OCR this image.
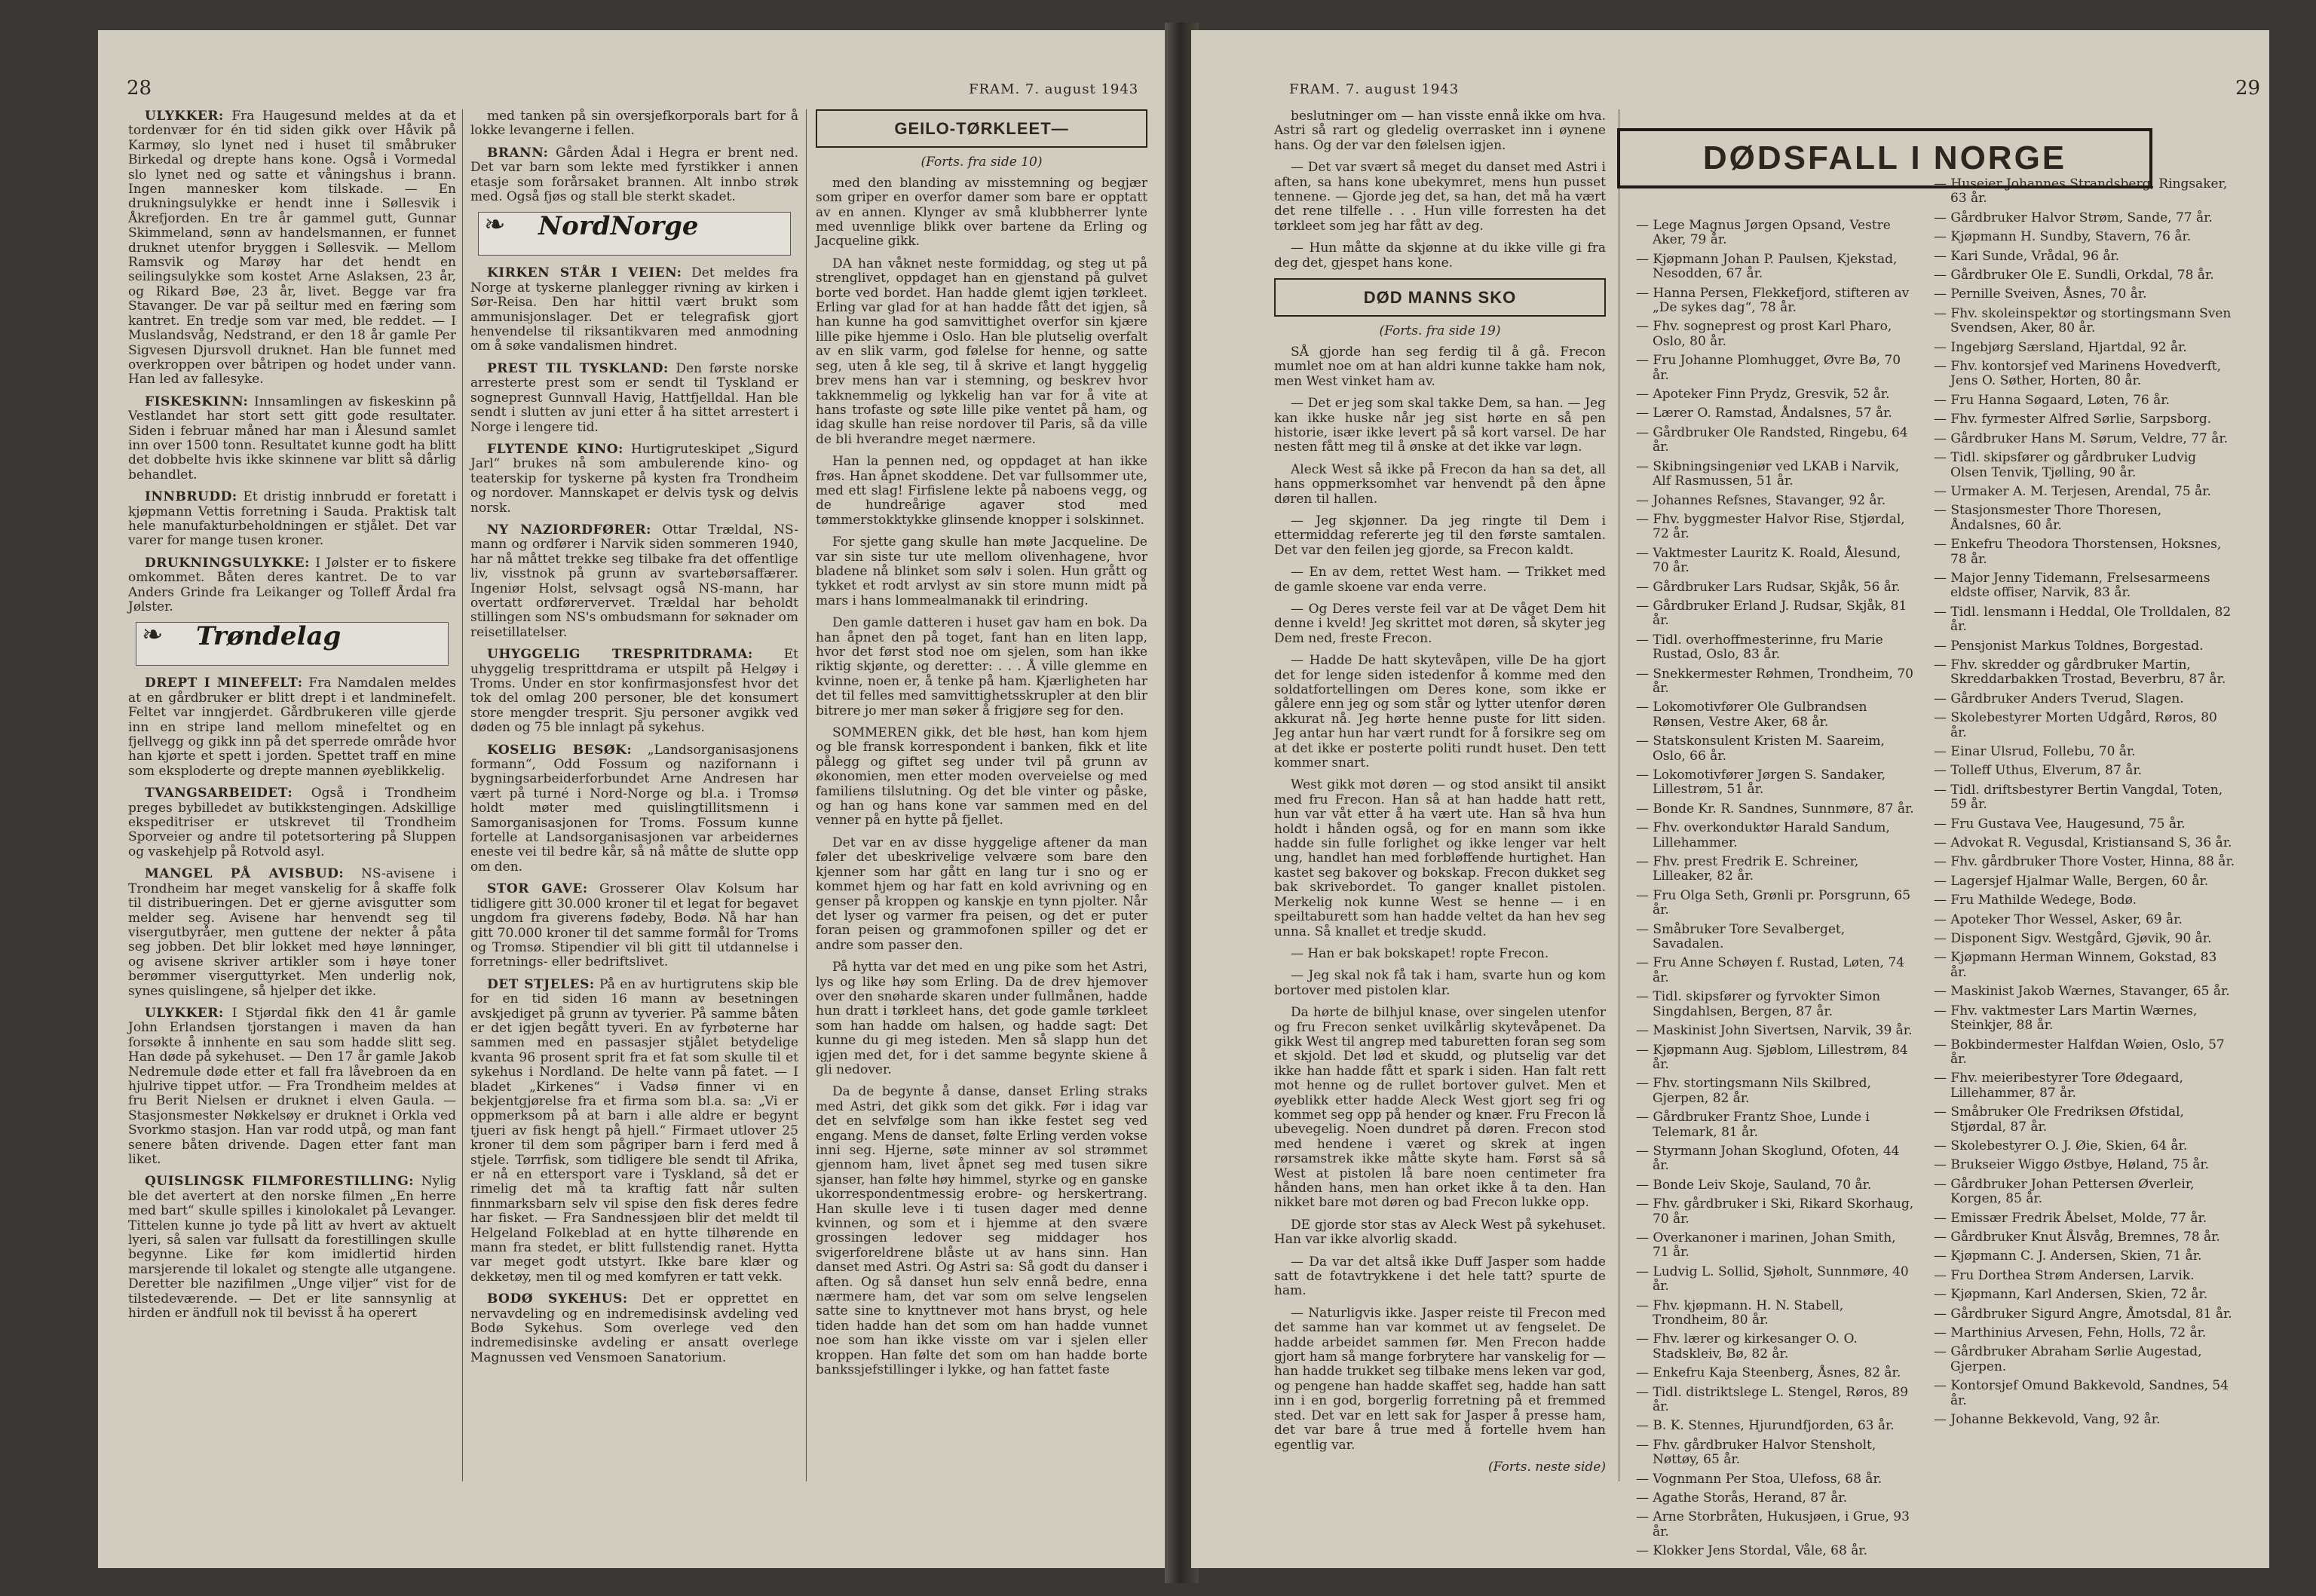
28	FRAM. 7. august 1943

ULYKKER: Fra Haugesund meldes at da et tordenvær for én tid siden gikk over Håvik på Karmøy, slo lynet ned i huset til småbruker Birkedal og drepte hans kone. Også i Vormedal slo lynet ned og satte et våningshus i brann. Ingen mannesker kom tilskade. — En drukningsulykke er hendt inne i Søllesvik i Åkrefjorden. En tre år gammel gutt, Gunnar Skimmeland, sønn av handelsmannen, er funnet druknet utenfor bryggen i Søllesvik. — Mellom Ramsvik og Marøy har det hendt en seilingsulykke som kostet Arne Aslaksen, 23 år, og Rikard Bøe, 23 år, livet. Begge var fra Stavanger. De var på seiltur med en færing som kantret. En tredje som var med, ble reddet. — I Muslandsvåg, Nedstrand, er den 18 år gamle Per Sigvesen Djursvoll druknet. Han ble funnet med overkroppen over båtripen og hodet under vann. Han led av fallesyke.

FISKESKINN: Innsamlingen av fiskeskinn på Vestlandet har stort sett gitt gode resultater. Siden i februar måned har man i Ålesund samlet inn over 1500 tonn. Resultatet kunne godt ha blitt det dobbelte hvis ikke skinnene var blitt så dårlig behandlet.

INNBRUDD: Et dristig innbrudd er foretatt i kjøpmann Vettis forretning i Sauda. Praktisk talt hele manufakturbeholdningen er stjålet. Det var varer for mange tusen kroner.

DRUKNINGSULYKKE: I Jølster er to fiskere omkommet. Båten deres kantret. De to var Anders Grinde fra Leikanger og Tolleff Årdal fra Jølster.

❧ Trøndelag

DREPT I MINEFELT: Fra Namdalen meldes at en gårdbruker er blitt drept i et landminefelt. Feltet var inngjerdet. Gårdbrukeren ville gjerde inn en stripe land mellom minefeltet og en fjellvegg og gikk inn på det sperrede område hvor han kjørte et spett i jorden. Spettet traff en mine som eksploderte og drepte mannen øyeblikkelig.

TVANGSARBEIDET: Også i Trondheim preges bybilledet av butikkstengingen. Adskillige ekspeditriser er utskrevet til Trondheim Sporveier og andre til potetsortering på Sluppen og vaskehjelp på Rotvold asyl.

MANGEL PÅ AVISBUD: NS-avisene i Trondheim har meget vanskelig for å skaffe folk til distribueringen. Det er gjerne avisgutter som melder seg. Avisene har henvendt seg til visergutbyråer, men guttene der nekter å påta seg jobben. Det blir lokket med høye lønninger, og avisene skriver artikler som i høye toner berømmer viserguttyrket. Men underlig nok, synes quislingene, så hjelper det ikke.

ULYKKER: I Stjørdal fikk den 41 år gamle John Erlandsen tjorstangen i maven da han forsøkte å innhente en sau som hadde slitt seg. Han døde på sykehuset. — Den 17 år gamle Jakob Nedremule døde etter et fall fra låvebroen da en hjulrive tippet utfor. — Fra Trondheim meldes at fru Berit Nielsen er druknet i elven Gaula. — Stasjonsmester Nøkkelsøy er druknet i Orkla ved Svorkmo stasjon. Han var rodd utpå, og man fant senere båten drivende. Dagen etter fant man liket.

QUISLINGSK FILMFORESTILLING: Nylig ble det avertert at den norske filmen „En herre med bart“ skulle spilles i kinolokalet på Levanger. Tittelen kunne jo tyde på litt av hvert av aktuelt lyeri, så salen var fullsatt da forestillingen skulle begynne. Like før kom imidlertid hirden marsjerende til lokalet og stengte alle utgangene. Deretter ble nazifilmen „Unge viljer“ vist for de tilstedeværende. — Det er lite sannsynlig at hirden er ändfull nok til bevisst å ha operert

med tanken på sin oversjefkorporals bart for å lokke levangerne i fellen.

BRANN: Gården Ådal i Hegra er brent ned. Det var barn som lekte med fyrstikker i annen etasje som forårsaket brannen. Alt innbo strøk med. Også fjøs og stall ble sterkt skadet.

❧ NordNorge

KIRKEN STÅR I VEIEN: Det meldes fra Norge at tyskerne planlegger rivning av kirken i Sør-Reisa. Den har hittil vært brukt som ammunisjonslager. Det er telegrafisk gjort henvendelse til riksantikvaren med anmodning om å søke vandalismen hindret.

PREST TIL TYSKLAND: Den første norske arresterte prest som er sendt til Tyskland er sogneprest Gunnvall Havig, Hattfjelldal. Han ble sendt i slutten av juni etter å ha sittet arrestert i Norge i lengere tid.

FLYTENDE KINO: Hurtigruteskipet „Sigurd Jarl“ brukes nå som ambulerende kino- og teaterskip for tyskerne på kysten fra Trondheim og nordover. Mannskapet er delvis tysk og delvis norsk.

NY NAZIORDFØRER: Ottar Trældal, NS-mann og ordfører i Narvik siden sommeren 1940, har nå måttet trekke seg tilbake fra det offentlige liv, visstnok på grunn av svartebørsaffærer. Ingeniør Holst, selvsagt også NS-mann, har overtatt ordførervervet. Trældal har beholdt stillingen som NS's ombudsmann for søknader om reisetillatelser.

UHYGGELIG TRESPRITDRAMA: Et uhyggelig tresprittdrama er utspilt på Helgøy i Troms. Under en stor konfirmasjonsfest hvor det tok del omlag 200 personer, ble det konsumert store mengder tresprit. Sju personer avgikk ved døden og 75 ble innlagt på sykehus.

KOSELIG BESØK: „Landsorganisasjonens formann“, Odd Fossum og nazifornann i bygningsarbeiderforbundet Arne Andresen har vært på turné i Nord-Norge og bl.a. i Tromsø holdt møter med quislingtillitsmenn i Samorganisasjonen for Troms. Fossum kunne fortelle at Landsorganisasjonen var arbeidernes eneste vei til bedre kår, så nå måtte de slutte opp om den.

STOR GAVE: Grosserer Olav Kolsum har tidligere gitt 30.000 kroner til et legat for begavet ungdom fra giverens fødeby, Bodø. Nå har han gitt 70.000 kroner til det samme formål for Troms og Tromsø. Stipendier vil bli gitt til utdannelse i forretnings- eller bedriftslivet.

DET STJELES: På en av hurtigrutens skip ble for en tid siden 16 mann av besetningen avskjediget på grunn av tyverier. På samme båten er det igjen begått tyveri. En av fyrbøterne har sammen med en passasjer stjålet betydelige kvanta 96 prosent sprit fra et fat som skulle til et sykehus i Nordland. De helte vann på fatet. — I bladet „Kirkenes“ i Vadsø finner vi en bekjentgjørelse fra et firma som bl.a. sa: „Vi er oppmerksom på at barn i alle aldre er begynt tjueri av fisk hengt på hjell.“ Firmaet utlover 25 kroner til dem som pågriper barn i ferd med å stjele. Tørrfisk, som tidligere ble sendt til Afrika, er nå en ettersport vare i Tyskland, så det er rimelig det må ta kraftig fatt når sulten finnmarksbarn selv vil spise den fisk deres fedre har fisket. — Fra Sandnessjøen blir det meldt til Helgeland Folkeblad at en hytte tilhørende en mann fra stedet, er blitt fullstendig ranet. Hytta var meget godt utstyrt. Ikke bare klær og dekketøy, men til og med komfyren er tatt vekk.

BODØ SYKEHUS: Det er opprettet en nervavdeling og en indremedisinsk avdeling ved Bodø Sykehus. Som overlege ved den indremedisinske avdeling er ansatt overlege Magnussen ved Vensmoen Sanatorium.

GEILO-TØRKLEET—
(Forts. fra side 10)

med den blanding av misstemning og begjær som griper en overfor damer som bare er opptatt av en annen. Klynger av små klubbherrer lynte med uvennlige blikk over bartene da Erling og Jacqueline gikk.

DA han våknet neste formiddag, og steg ut på strenglivet, oppdaget han en gjenstand på gulvet borte ved bordet. Han hadde glemt igjen tørkleet. Erling var glad for at han hadde fått det igjen, så han kunne ha god samvittighet overfor sin kjære lille pike hjemme i Oslo. Han ble plutselig overfalt av en slik varm, god følelse for henne, og satte seg, uten å kle seg, til å skrive et langt hyggelig brev mens han var i stemning, og beskrev hvor takknemmelig og lykkelig han var for å vite at hans trofaste og søte lille pike ventet på ham, og idag skulle han reise nordover til Paris, så da ville de bli hverandre meget nærmere.

Han la pennen ned, og oppdaget at han ikke frøs. Han åpnet skoddene. Det var fullsommer ute, med ett slag! Firfislene lekte på naboens vegg, og de hundreårige agaver stod med tømmerstokktykke glinsende knopper i solskinnet.

For sjette gang skulle han møte Jacqueline. De var sin siste tur ute mellom olivenhagene, hvor bladene nå blinket som sølv i solen. Hun grått og tykket et rodt arvlyst av sin store munn midt på mars i hans lommealmanakk til erindring.

Den gamle datteren i huset gav ham en bok. Da han åpnet den på toget, fant han en liten lapp, hvor det først stod noe om sjelen, som han ikke riktig skjønte, og deretter: . . . Å ville glemme en kvinne, noen er, å tenke på ham. Kjærligheten har det til felles med samvittighetsskrupler at den blir bitrere jo mer man søker å frigjøre seg for den.

SOMMEREN gikk, det ble høst, han kom hjem og ble fransk korrespondent i banken, fikk et lite pålegg og giftet seg under tvil på grunn av økonomien, men etter moden overveielse og med familiens tilslutning. Og det ble vinter og påske, og han og hans kone var sammen med en del venner på en hytte på fjellet.

Det var en av disse hyggelige aftener da man føler det ubeskrivelige velvære som bare den kjenner som har gått en lang tur i sno og er kommet hjem og har fatt en kold avrivning og en genser på kroppen og kanskje en tynn pjolter. Når det lyser og varmer fra peisen, og det er puter foran peisen og grammofonen spiller og det er andre som passer den.

På hytta var det med en ung pike som het Astri, lys og like høy som Erling. Da de drev hjemover over den snøharde skaren under fullmånen, hadde hun dratt i tørkleet hans, det gode gamle tørkleet som han hadde om halsen, og hadde sagt: Det kunne du gi meg isteden. Men så slapp hun det igjen med det, for i det samme begynte skiene å gli nedover.

Da de begynte å danse, danset Erling straks med Astri, det gikk som det gikk. Før i idag var det en selvfølge som han ikke festet seg ved engang. Mens de danset, følte Erling verden vokse inni seg. Hjerne, søte minner av sol strømmet gjennom ham, livet åpnet seg med tusen sikre sjanser, han følte høy himmel, styrke og en ganske ukorrespondentmessig erobre- og herskertrang. Han skulle leve i ti tusen dager med denne kvinnen, og som et i hjemme at den svære grossingen ledover seg middager hos svigerforeldrene blåste ut av hans sinn. Han danset med Astri. Og Astri sa: Så godt du danser i aften. Og så danset hun selv ennå bedre, enna nærmere ham, det var som om selve lengselen satte sine to knyttnever mot hans bryst, og hele tiden hadde han det som om han hadde vunnet noe som han ikke visste om var i sjelen eller kroppen. Han følte det som om han hadde borte bankssjefstillinger i lykke, og han fattet faste

FRAM. 7. august 1943	29

beslutninger om — han visste ennå ikke om hva. Astri så rart og gledelig overrasket inn i øynene hans. Og der var den følelsen igjen.

— Det var svært så meget du danset med Astri i aften, sa hans kone ubekymret, mens hun pusset tennene. — Gjorde jeg det, sa han, det må ha vært det rene tilfelle . . . Hun ville forresten ha det tørkleet som jeg har fått av deg.

— Hun måtte da skjønne at du ikke ville gi fra deg det, gjespet hans kone.

DØD MANNS SKO
(Forts. fra side 19)

SÅ gjorde han seg ferdig til å gå. Frecon mumlet noe om at han aldri kunne takke ham nok, men West vinket ham av.

— Det er jeg som skal takke Dem, sa han. — Jeg kan ikke huske når jeg sist hørte en så pen historie, især ikke levert på så kort varsel. De har nesten fått meg til å ønske at det ikke var løgn.

Aleck West så ikke på Frecon da han sa det, all hans oppmerksomhet var henvendt på den åpne døren til hallen.

— Jeg skjønner. Da jeg ringte til Dem i ettermiddag refererte jeg til den første samtalen. Det var den feilen jeg gjorde, sa Frecon kaldt.

— En av dem, rettet West ham. — Trikket med de gamle skoene var enda verre.

— Og Deres verste feil var at De våget Dem hit denne i kveld! Jeg skrittet mot døren, så skyter jeg Dem ned, freste Frecon.

— Hadde De hatt skytevåpen, ville De ha gjort det for lenge siden istedenfor å komme med den soldatfortellingen om Deres kone, som ikke er gålere enn jeg og som står og lytter utenfor døren akkurat nå. Jeg hørte henne puste for litt siden. Jeg antar hun har vært rundt for å forsikre seg om at det ikke er posterte politi rundt huset. Den tett kommer snart.

West gikk mot døren — og stod ansikt til ansikt med fru Frecon. Han så at han hadde hatt rett, hun var våt etter å ha vært ute. Han så hva hun holdt i hånden også, og for en mann som ikke hadde sin fulle forlighet og ikke lenger var helt ung, handlet han med forbløffende hurtighet. Han kastet seg bakover og bokskap. Frecon dukket seg bak skrivebordet. To ganger knallet pistolen. Merkelig nok kunne West se henne — i en speiltaburett som han hadde veltet da han hev seg unna. Så knallet et tredje skudd.

— Han er bak bokskapet! ropte Frecon.

— Jeg skal nok få tak i ham, svarte hun og kom bortover med pistolen klar.

Da hørte de bilhjul knase, over singelen utenfor og fru Frecon senket uvilkårlig skytevåpenet. Da gikk West til angrep med taburetten foran seg som et skjold. Det lød et skudd, og plutselig var det ikke han hadde fått et spark i siden. Han falt rett mot henne og de rullet bortover gulvet. Men et øyeblikk etter hadde Aleck West gjort seg fri og kommet seg opp på hender og knær. Fru Frecon lå ubevegelig. Noen dundret på døren. Frecon stod med hendene i været og skrek at ingen rørsamstrek ikke måtte skyte ham. Først så så West at pistolen lå bare noen centimeter fra hånden hans, men han orket ikke å ta den. Han nikket bare mot døren og bad Frecon lukke opp.

DE gjorde stor stas av Aleck West på sykehuset. Han var ikke alvorlig skadd.

— Da var det altså ikke Duff Jasper som hadde satt de fotavtrykkene i det hele tatt? spurte de ham.

— Naturligvis ikke. Jasper reiste til Frecon med det samme han var kommet ut av fengselet. De hadde arbeidet sammen før. Men Frecon hadde gjort ham så mange forbrytere har vanskelig for — han hadde trukket seg tilbake mens leken var god, og pengene han hadde skaffet seg, hadde han satt inn i en god, borgerlig forretning på et fremmed sted. Det var en lett sak for Jasper å presse ham, det var bare å true med å fortelle hvem han egentlig var.

(Forts. neste side)
— Lege Magnus Jørgen Opsand, Vestre Aker, 79 år.
— Kjøpmann Johan P. Paulsen, Kjekstad, Nesodden, 67 år.
— Hanna Persen, Flekkefjord, stifteren av „De sykes dag“, 78 år.
— Fhv. sogneprest og prost Karl Pharo, Oslo, 80 år.
— Fru Johanne Plomhugget, Øvre Bø, 70 år.
— Apoteker Finn Prydz, Gresvik, 52 år.
— Lærer O. Ramstad, Åndalsnes, 57 år.
— Gårdbruker Ole Randsted, Ringebu, 64 år.
— Skibningsingeniør ved LKAB i Narvik, Alf Rasmussen, 51 år.
— Johannes Refsnes, Stavanger, 92 år.
— Fhv. byggmester Halvor Rise, Stjørdal, 72 år.
— Vaktmester Lauritz K. Roald, Ålesund, 70 år.
— Gårdbruker Lars Rudsar, Skjåk, 56 år.
— Gårdbruker Erland J. Rudsar, Skjåk, 81 år.
— Tidl. overhoffmesterinne, fru Marie Rustad, Oslo, 83 år.
— Snekkermester Røhmen, Trondheim, 70 år.
— Lokomotivfører Ole Gulbrandsen Rønsen, Vestre Aker, 68 år.
— Statskonsulent Kristen M. Saareim, Oslo, 66 år.
— Lokomotivfører Jørgen S. Sandaker, Lillestrøm, 51 år.
— Bonde Kr. R. Sandnes, Sunnmøre, 87 år.
— Fhv. overkonduktør Harald Sandum, Lillehammer.
— Fhv. prest Fredrik E. Schreiner, Lilleaker, 82 år.
— Fru Olga Seth, Grønli pr. Porsgrunn, 65 år.
— Småbruker Tore Sevalberget, Savadalen.
— Fru Anne Schøyen f. Rustad, Løten, 74 år.
— Tidl. skipsfører og fyrvokter Simon Singdahlsen, Bergen, 87 år.
— Maskinist John Sivertsen, Narvik, 39 år.
— Kjøpmann Aug. Sjøblom, Lillestrøm, 84 år.
— Fhv. stortingsmann Nils Skilbred, Gjerpen, 82 år.
— Gårdbruker Frantz Shoe, Lunde i Telemark, 81 år.
— Styrmann Johan Skoglund, Ofoten, 44 år.
— Bonde Leiv Skoje, Sauland, 70 år.
— Fhv. gårdbruker i Ski, Rikard Skorhaug, 70 år.
— Overkanoner i marinen, Johan Smith, 71 år.
— Ludvig L. Sollid, Sjøholt, Sunnmøre, 40 år.
— Fhv. kjøpmann. H. N. Stabell, Trondheim, 80 år.
— Fhv. lærer og kirkesanger O. O. Stadskleiv, Bø, 82 år.
— Enkefru Kaja Steenberg, Åsnes, 82 år.
— Tidl. distriktslege L. Stengel, Røros, 89 år.
— B. K. Stennes, Hjurundfjorden, 63 år.
— Fhv. gårdbruker Halvor Stensholt, Nøttøy, 65 år.
— Vognmann Per Stoa, Ulefoss, 68 år.
— Agathe Storås, Herand, 87 år.
— Arne Storbråten, Hukusjøen, i Grue, 93 år.
— Klokker Jens Stordal, Våle, 68 år.
— Huseier Johannes Strandsberg, Ringsaker, 63 år.
— Gårdbruker Halvor Strøm, Sande, 77 år.
— Kjøpmann H. Sundby, Stavern, 76 år.
— Kari Sunde, Vrådal, 96 år.
— Gårdbruker Ole E. Sundli, Orkdal, 78 år.
— Pernille Sveiven, Åsnes, 70 år.
— Fhv. skoleinspektør og stortingsmann Sven Svendsen, Aker, 80 år.
— Ingebjørg Særsland, Hjartdal, 92 år.
— Fhv. kontorsjef ved Marinens Hovedverft, Jens O. Søther, Horten, 80 år.
— Fru Hanna Søgaard, Løten, 76 år.
— Fhv. fyrmester Alfred Sørlie, Sarpsborg.
— Gårdbruker Hans M. Sørum, Veldre, 77 år.
— Tidl. skipsfører og gårdbruker Ludvig Olsen Tenvik, Tjølling, 90 år.
— Urmaker A. M. Terjesen, Arendal, 75 år.
— Stasjonsmester Thore Thoresen, Åndalsnes, 60 år.
— Enkefru Theodora Thorstensen, Hoksnes, 78 år.
— Major Jenny Tidemann, Frelsesarmeens eldste offiser, Narvik, 83 år.
— Tidl. lensmann i Heddal, Ole Trolldalen, 82 år.
— Pensjonist Markus Toldnes, Borgestad.
— Fhv. skredder og gårdbruker Martin, Skreddarbakken Trostad, Beverbru, 87 år.
— Gårdbruker Anders Tverud, Slagen.
— Skolebestyrer Morten Udgård, Røros, 80 år.
— Einar Ulsrud, Follebu, 70 år.
— Tolleff Uthus, Elverum, 87 år.
— Tidl. driftsbestyrer Bertin Vangdal, Toten, 59 år.
— Fru Gustava Vee, Haugesund, 75 år.
— Advokat R. Vegusdal, Kristiansand S, 36 år.
— Fhv. gårdbruker Thore Voster, Hinna, 88 år.
— Lagersjef Hjalmar Walle, Bergen, 60 år.
— Fru Mathilde Wedege, Bodø.
— Apoteker Thor Wessel, Asker, 69 år.
— Disponent Sigv. Westgård, Gjøvik, 90 år.
— Kjøpmann Herman Winnem, Gokstad, 83 år.
— Maskinist Jakob Wærnes, Stavanger, 65 år.
— Fhv. vaktmester Lars Martin Wærnes, Steinkjer, 88 år.
— Bokbindermester Halfdan Wøien, Oslo, 57 år.
— Fhv. meieribestyrer Tore Ødegaard, Lillehammer, 87 år.
— Småbruker Ole Fredriksen Øfstidal, Stjørdal, 87 år.
— Skolebestyrer O. J. Øie, Skien, 64 år.
— Brukseier Wiggo Østbye, Høland, 75 år.
— Gårdbruker Johan Pettersen Øverleir, Korgen, 85 år.
— Emissær Fredrik Åbelset, Molde, 77 år.
— Gårdbruker Knut Ålsvåg, Bremnes, 78 år.
— Kjøpmann C. J. Andersen, Skien, 71 år.
— Fru Dorthea Strøm Andersen, Larvik.
— Kjøpmann, Karl Andersen, Skien, 72 år.
— Gårdbruker Sigurd Angre, Åmotsdal, 81 år.
— Marthinius Arvesen, Fehn, Holls, 72 år.
— Gårdbruker Abraham Sørlie Augestad, Gjerpen.
— Kontorsjef Omund Bakkevold, Sandnes, 54 år.
— Johanne Bekkevold, Vang, 92 år.
DØDSFALL I NORGE
